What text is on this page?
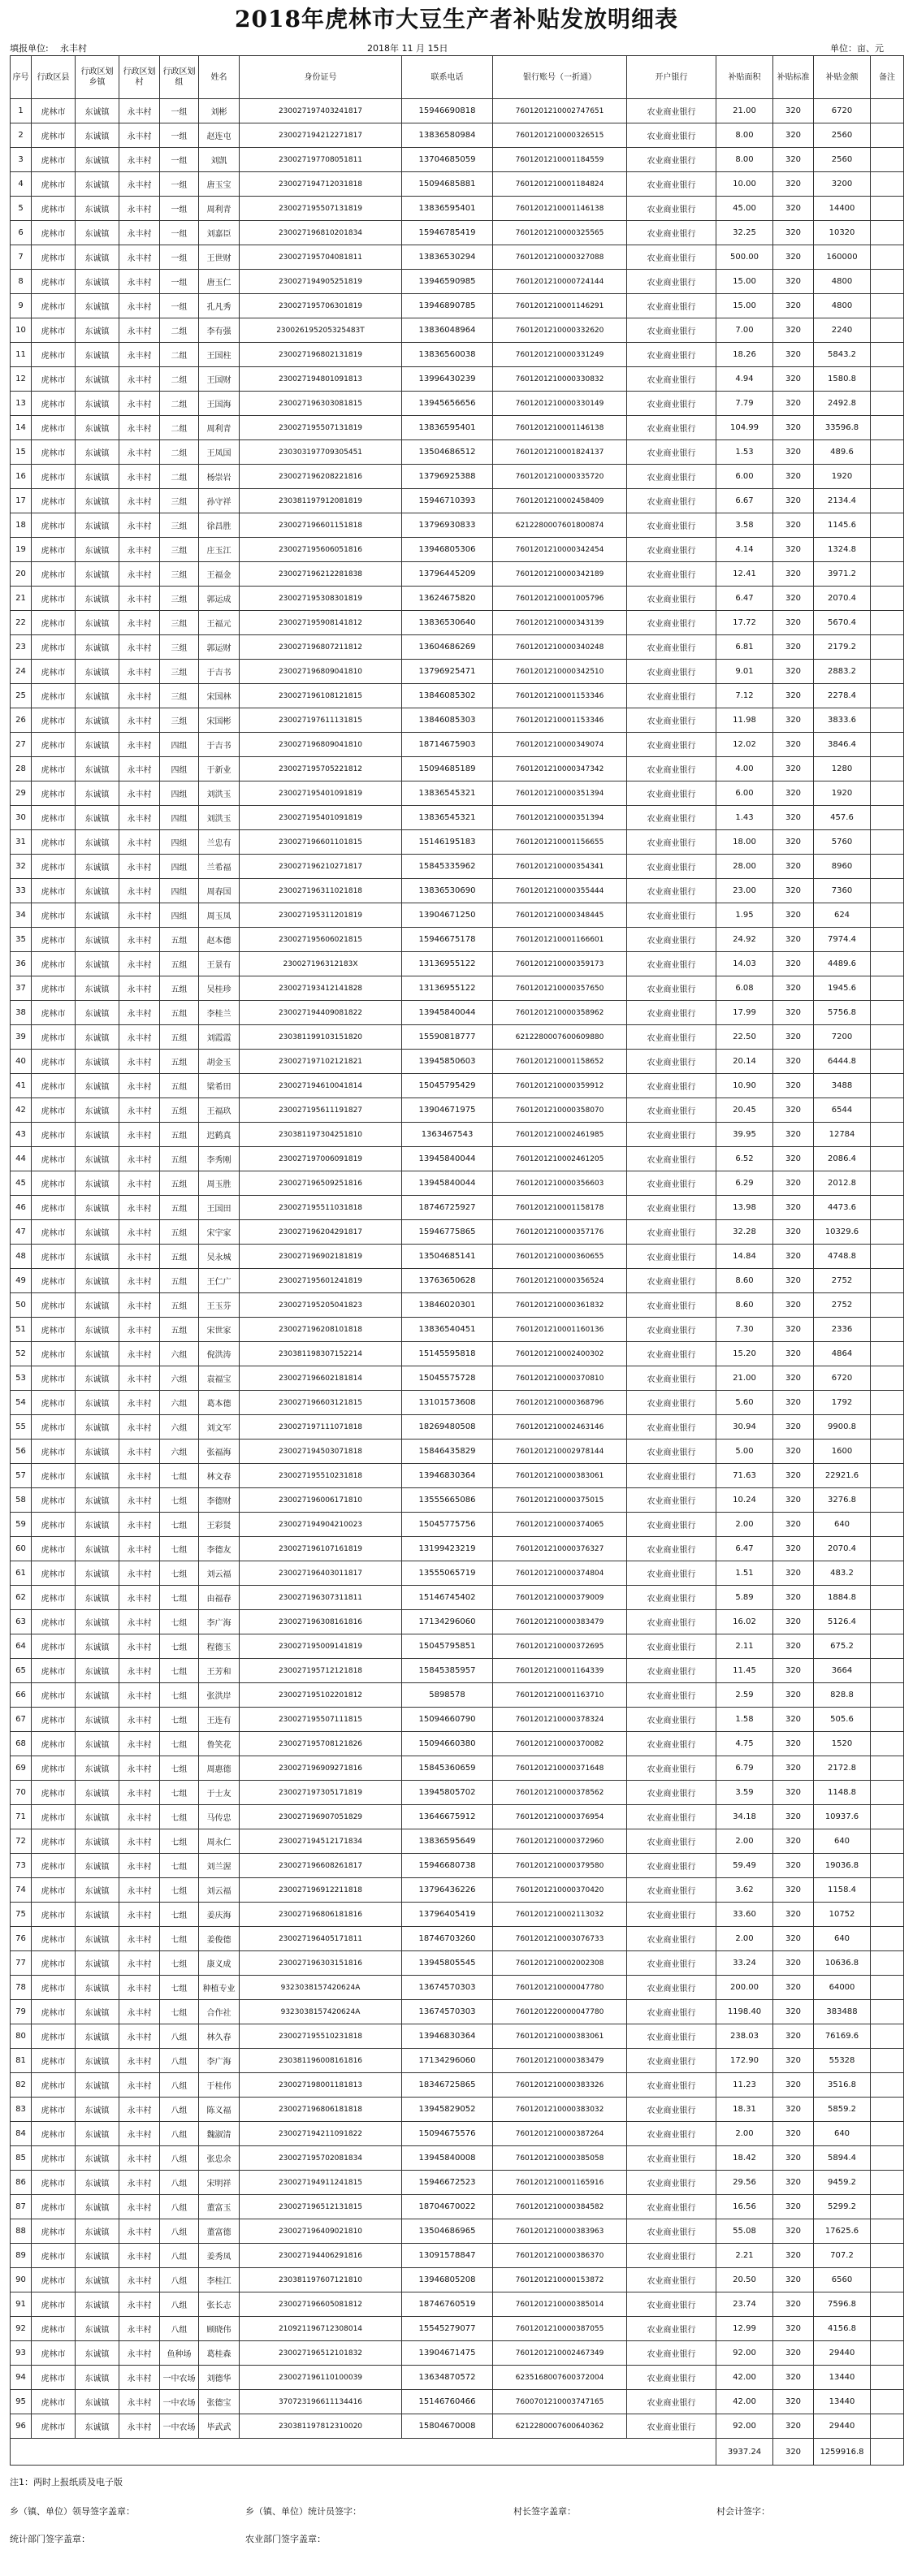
2018年虎林市大豆生产者补贴发放明细表
填报单位: 永丰村	2018年 11 月 15日	单位：亩、元
序号	行政区县	行政区划乡镇	行政区划村	行政区划组	姓名	身份证号	联系电话	银行账号（一折通）	开户银行	补贴面积	补贴标准	补贴金额	备注
1	虎林市	东诚镇	永丰村	一组	刘彬	230027197403241817	15946690818	7601201210002747651	农业商业银行	21.00	320	6720	
2	虎林市	东诚镇	永丰村	一组	赵连屯	230027194212271817	13836580984	7601201210000326515	农业商业银行	8.00	320	2560	
3	虎林市	东诚镇	永丰村	一组	刘凯	230027197708051811	13704685059	7601201210001184559	农业商业银行	8.00	320	2560	
4	虎林市	东诚镇	永丰村	一组	唐玉宝	230027194712031818	15094685881	7601201210001184824	农业商业银行	10.00	320	3200	
5	虎林市	东诚镇	永丰村	一组	周利青	230027195507131819	13836595401	7601201210001146138	农业商业银行	45.00	320	14400	
6	虎林市	东诚镇	永丰村	一组	刘嘉臣	230027196810201834	15946785419	7601201210000325565	农业商业银行	32.25	320	10320	
7	虎林市	东诚镇	永丰村	一组	王世财	230027195704081811	13836530294	7601201210000327088	农业商业银行	500.00	320	160000	
8	虎林市	东诚镇	永丰村	一组	唐玉仁	230027194905251819	13946590985	7601201210000724144	农业商业银行	15.00	320	4800	
9	虎林市	东诚镇	永丰村	一组	孔凡秀	230027195706301819	13946890785	7601201210001146291	农业商业银行	15.00	320	4800	
10	虎林市	东诚镇	永丰村	二组	李有强	230026195205325483T	13836048964	7601201210000332620	农业商业银行	7.00	320	2240	
11	虎林市	东诚镇	永丰村	二组	王国柱	230027196802131819	13836560038	7601201210000331249	农业商业银行	18.26	320	5843.2	
12	虎林市	东诚镇	永丰村	二组	王国财	230027194801091813	13996430239	7601201210000330832	农业商业银行	4.94	320	1580.8	
13	虎林市	东诚镇	永丰村	二组	王国海	230027196303081815	13945656656	7601201210000330149	农业商业银行	7.79	320	2492.8	
14	虎林市	东诚镇	永丰村	二组	周利青	230027195507131819	13836595401	7601201210001146138	农业商业银行	104.99	320	33596.8	
15	虎林市	东诚镇	永丰村	二组	王凤国	230303197709305451	13504686512	7601201210001824137	农业商业银行	1.53	320	489.6	
16	虎林市	东诚镇	永丰村	二组	杨崇岩	230027196208221816	13796925388	7601201210000335720	农业商业银行	6.00	320	1920	
17	虎林市	东诚镇	永丰村	三组	孙守祥	230381197912081819	15946710393	7601201210002458409	农业商业银行	6.67	320	2134.4	
18	虎林市	东诚镇	永丰村	三组	徐昌胜	230027196601151818	13796930833	6212280007601800874	农业商业银行	3.58	320	1145.6	
19	虎林市	东诚镇	永丰村	三组	庄玉江	230027195606051816	13946805306	7601201210000342454	农业商业银行	4.14	320	1324.8	
20	虎林市	东诚镇	永丰村	三组	王福金	230027196212281838	13796445209	7601201210000342189	农业商业银行	12.41	320	3971.2	
21	虎林市	东诚镇	永丰村	三组	郭运成	230027195308301819	13624675820	7601201210001005796	农业商业银行	6.47	320	2070.4	
22	虎林市	东诚镇	永丰村	三组	王福元	230027195908141812	13836530640	7601201210000343139	农业商业银行	17.72	320	5670.4	
23	虎林市	东诚镇	永丰村	三组	郭运财	230027196807211812	13604686269	7601201210000340248	农业商业银行	6.81	320	2179.2	
24	虎林市	东诚镇	永丰村	三组	于吉书	230027196809041810	13796925471	7601201210000342510	农业商业银行	9.01	320	2883.2	
25	虎林市	东诚镇	永丰村	三组	宋国林	230027196108121815	13846085302	7601201210001153346	农业商业银行	7.12	320	2278.4	
26	虎林市	东诚镇	永丰村	三组	宋国彬	230027197611131815	13846085303	7601201210001153346	农业商业银行	11.98	320	3833.6	
27	虎林市	东诚镇	永丰村	四组	于吉书	230027196809041810	18714675903	7601201210000349074	农业商业银行	12.02	320	3846.4	
28	虎林市	东诚镇	永丰村	四组	于新业	230027195705221812	15094685189	7601201210000347342	农业商业银行	4.00	320	1280	
29	虎林市	东诚镇	永丰村	四组	刘洪玉	230027195401091819	13836545321	7601201210000351394	农业商业银行	6.00	320	1920	
30	虎林市	东诚镇	永丰村	四组	刘洪玉	230027195401091819	13836545321	7601201210000351394	农业商业银行	1.43	320	457.6	
31	虎林市	东诚镇	永丰村	四组	兰忠有	230027196601101815	15146195183	7601201210001156655	农业商业银行	18.00	320	5760	
32	虎林市	东诚镇	永丰村	四组	兰希福	230027196210271817	15845335962	7601201210000354341	农业商业银行	28.00	320	8960	
33	虎林市	东诚镇	永丰村	四组	周春国	230027196311021818	13836530690	7601201210000355444	农业商业银行	23.00	320	7360	
34	虎林市	东诚镇	永丰村	四组	周玉凤	230027195311201819	13904671250	7601201210000348445	农业商业银行	1.95	320	624	
35	虎林市	东诚镇	永丰村	五组	赵本德	230027195606021815	15946675178	7601201210001166601	农业商业银行	24.92	320	7974.4	
36	虎林市	东诚镇	永丰村	五组	王景有	230027196312183X	13136955122	7601201210000359173	农业商业银行	14.03	320	4489.6	
37	虎林市	东诚镇	永丰村	五组	吴桂珍	230027193412141828	13136955122	7601201210000357650	农业商业银行	6.08	320	1945.6	
38	虎林市	东诚镇	永丰村	五组	李桂兰	230027194409081822	13945840044	7601201210000358962	农业商业银行	17.99	320	5756.8	
39	虎林市	东诚镇	永丰村	五组	刘霞霞	230381199103151820	15590818777	6212280007600609880	农业商业银行	22.50	320	7200	
40	虎林市	东诚镇	永丰村	五组	胡金玉	230027197102121821	13945850603	7601201210001158652	农业商业银行	20.14	320	6444.8	
41	虎林市	东诚镇	永丰村	五组	梁希田	230027194610041814	15045795429	7601201210000359912	农业商业银行	10.90	320	3488	
42	虎林市	东诚镇	永丰村	五组	王福玖	230027195611191827	13904671975	7601201210000358070	农业商业银行	20.45	320	6544	
43	虎林市	东诚镇	永丰村	五组	迟鹤真	230381197304251810	1363467543	7601201210002461985	农业商业银行	39.95	320	12784	
44	虎林市	东诚镇	永丰村	五组	李秀刚	230027197006091819	13945840044	7601201210002461205	农业商业银行	6.52	320	2086.4	
45	虎林市	东诚镇	永丰村	五组	周玉胜	230027196509251816	13945840044	7601201210000356603	农业商业银行	6.29	320	2012.8	
46	虎林市	东诚镇	永丰村	五组	王国田	230027195511031818	18746725927	7601201210001158178	农业商业银行	13.98	320	4473.6	
47	虎林市	东诚镇	永丰村	五组	宋宇家	230027196204291817	15946775865	7601201210000357176	农业商业银行	32.28	320	10329.6	
48	虎林市	东诚镇	永丰村	五组	吴永城	230027196902181819	13504685141	7601201210000360655	农业商业银行	14.84	320	4748.8	
49	虎林市	东诚镇	永丰村	五组	王仁广	230027195601241819	13763650628	7601201210000356524	农业商业银行	8.60	320	2752	
50	虎林市	东诚镇	永丰村	五组	王玉芬	230027195205041823	13846020301	7601201210000361832	农业商业银行	8.60	320	2752	
51	虎林市	东诚镇	永丰村	五组	宋世家	230027196208101818	13836540451	7601201210001160136	农业商业银行	7.30	320	2336	
52	虎林市	东诚镇	永丰村	六组	倪洪涛	230381198307152214	15145595818	7601201210002400302	农业商业银行	15.20	320	4864	
53	虎林市	东诚镇	永丰村	六组	袁福宝	230027196602181814	15045575728	7601201210000370810	农业商业银行	21.00	320	6720	
54	虎林市	东诚镇	永丰村	六组	葛本德	230027196603121815	13101573608	7601201210000368796	农业商业银行	5.60	320	1792	
55	虎林市	东诚镇	永丰村	六组	刘文军	230027197111071818	18269480508	7601201210002463146	农业商业银行	30.94	320	9900.8	
56	虎林市	东诚镇	永丰村	六组	张福海	230027194503071818	15846435829	7601201210002978144	农业商业银行	5.00	320	1600	
57	虎林市	东诚镇	永丰村	七组	林文春	230027195510231818	13946830364	7601201210000383061	农业商业银行	71.63	320	22921.6	
58	虎林市	东诚镇	永丰村	七组	李德财	230027196006171810	13555665086	7601201210000375015	农业商业银行	10.24	320	3276.8	
59	虎林市	东诚镇	永丰村	七组	王彩贤	230027194904210023	15045775756	7601201210000374065	农业商业银行	2.00	320	640	
60	虎林市	东诚镇	永丰村	七组	李德友	230027196107161819	13199423219	7601201210000376327	农业商业银行	6.47	320	2070.4	
61	虎林市	东诚镇	永丰村	七组	刘云福	230027196403011817	13555065719	7601201210000374804	农业商业银行	1.51	320	483.2	
62	虎林市	东诚镇	永丰村	七组	由福春	230027196307311811	15146745402	7601201210000379009	农业商业银行	5.89	320	1884.8	
63	虎林市	东诚镇	永丰村	七组	李广海	230027196308161816	17134296060	7601201210000383479	农业商业银行	16.02	320	5126.4	
64	虎林市	东诚镇	永丰村	七组	程德玉	230027195009141819	15045795851	7601201210000372695	农业商业银行	2.11	320	675.2	
65	虎林市	东诚镇	永丰村	七组	王芳和	230027195712121818	15845385957	7601201210001164339	农业商业银行	11.45	320	3664	
66	虎林市	东诚镇	永丰村	七组	张洪岸	230027195102201812	5898578	7601201210001163710	农业商业银行	2.59	320	828.8	
67	虎林市	东诚镇	永丰村	七组	王连有	230027195507111815	15094660790	7601201210000378324	农业商业银行	1.58	320	505.6	
68	虎林市	东诚镇	永丰村	七组	鲁笑花	230027195708121826	15094660380	7601201210000370082	农业商业银行	4.75	320	1520	
69	虎林市	东诚镇	永丰村	七组	周惠德	230027196909271816	15845360659	7601201210000371648	农业商业银行	6.79	320	2172.8	
70	虎林市	东诚镇	永丰村	七组	于士友	230027197305171819	13945805702	7601201210000378562	农业商业银行	3.59	320	1148.8	
71	虎林市	东诚镇	永丰村	七组	马传忠	230027196907051829	13646675912	7601201210000376954	农业商业银行	34.18	320	10937.6	
72	虎林市	东诚镇	永丰村	七组	周永仁	230027194512171834	13836595649	7601201210000372960	农业商业银行	2.00	320	640	
73	虎林市	东诚镇	永丰村	七组	刘兰渥	230027196608261817	15946680738	7601201210000379580	农业商业银行	59.49	320	19036.8	
74	虎林市	东诚镇	永丰村	七组	刘云福	230027196912211818	13796436226	7601201210000370420	农业商业银行	3.62	320	1158.4	
75	虎林市	东诚镇	永丰村	七组	姜庆海	230027196806181816	13796405419	7601201210002113032	农业商业银行	33.60	320	10752	
76	虎林市	东诚镇	永丰村	七组	姜俊德	230027196405171811	18746703260	7601201210003076733	农业商业银行	2.00	320	640	
77	虎林市	东诚镇	永丰村	七组	康义成	230027196303151816	13945805545	7601201210002002308	农业商业银行	33.24	320	10636.8	
78	虎林市	东诚镇	永丰村	七组	种植专业	9323038157420624A	13674570303	7601201210000047780	农业商业银行	200.00	320	64000	
79	虎林市	东诚镇	永丰村	七组	合作社	9323038157420624A	13674570303	7601201220000047780	农业商业银行	1198.40	320	383488	
80	虎林市	东诚镇	永丰村	八组	林久春	230027195510231818	13946830364	7601201210000383061	农业商业银行	238.03	320	76169.6	
81	虎林市	东诚镇	永丰村	八组	李广海	230381196008161816	17134296060	7601201210000383479	农业商业银行	172.90	320	55328	
82	虎林市	东诚镇	永丰村	八组	于桂伟	230027198001181813	18346725865	7601201210000383326	农业商业银行	11.23	320	3516.8	
83	虎林市	东诚镇	永丰村	八组	陈义福	230027196806181818	13945829052	7601201210000383032	农业商业银行	18.31	320	5859.2	
84	虎林市	东诚镇	永丰村	八组	魏淑清	230027194211091822	15094675576	7601201210000387264	农业商业银行	2.00	320	640	
85	虎林市	东诚镇	永丰村	八组	张忠余	230027195702081834	13945840008	7601201210000385058	农业商业银行	18.42	320	5894.4	
86	虎林市	东诚镇	永丰村	八组	宋明祥	230027194911241815	15946672523	7601201210001165916	农业商业银行	29.56	320	9459.2	
87	虎林市	东诚镇	永丰村	八组	董富玉	230027196512131815	18704670022	7601201210000384582	农业商业银行	16.56	320	5299.2	
88	虎林市	东诚镇	永丰村	八组	董富德	230027196409021810	13504686965	7601201210000383963	农业商业银行	55.08	320	17625.6	
89	虎林市	东诚镇	永丰村	八组	姜秀凤	230027194406291816	13091578847	7601201210000386370	农业商业银行	2.21	320	707.2	
90	虎林市	东诚镇	永丰村	八组	李桂江	230381197607121810	13946805208	7601201210000153872	农业商业银行	20.50	320	6560	
91	虎林市	东诚镇	永丰村	八组	张长志	230027196605081812	18746760519	7601201210000385014	农业商业银行	23.74	320	7596.8	
92	虎林市	东诚镇	永丰村	八组	顾晓伟	210921196712308014	15545279077	7601201210000387055	农业商业银行	12.99	320	4156.8	
93	虎林市	东诚镇	永丰村	鱼种场	葛桂森	230027196512101832	13904671475	7601201210002467349	农业商业银行	92.00	320	29440	
94	虎林市	东诚镇	永丰村	一中农场	刘德华	230027196110100039	13634870572	6235168007600372004	农业商业银行	42.00	320	13440	
95	虎林市	东诚镇	永丰村	一中农场	张德宝	370723196611134416	15146760466	7600701210003747165	农业商业银行	42.00	320	13440	
96	虎林市	东诚镇	永丰村	一中农场	毕武武	230381197812310020	15804670008	6212280007600640362	农业商业银行	92.00	320	29440	
										3937.24	320	1259916.8	
注1：两时上报纸质及电子版
乡（镇、单位）领导签字盖章：	乡（镇、单位）统计员签字：	村长签字盖章：	村会计签字：
统计部门签字盖章：	农业部门签字盖章：
